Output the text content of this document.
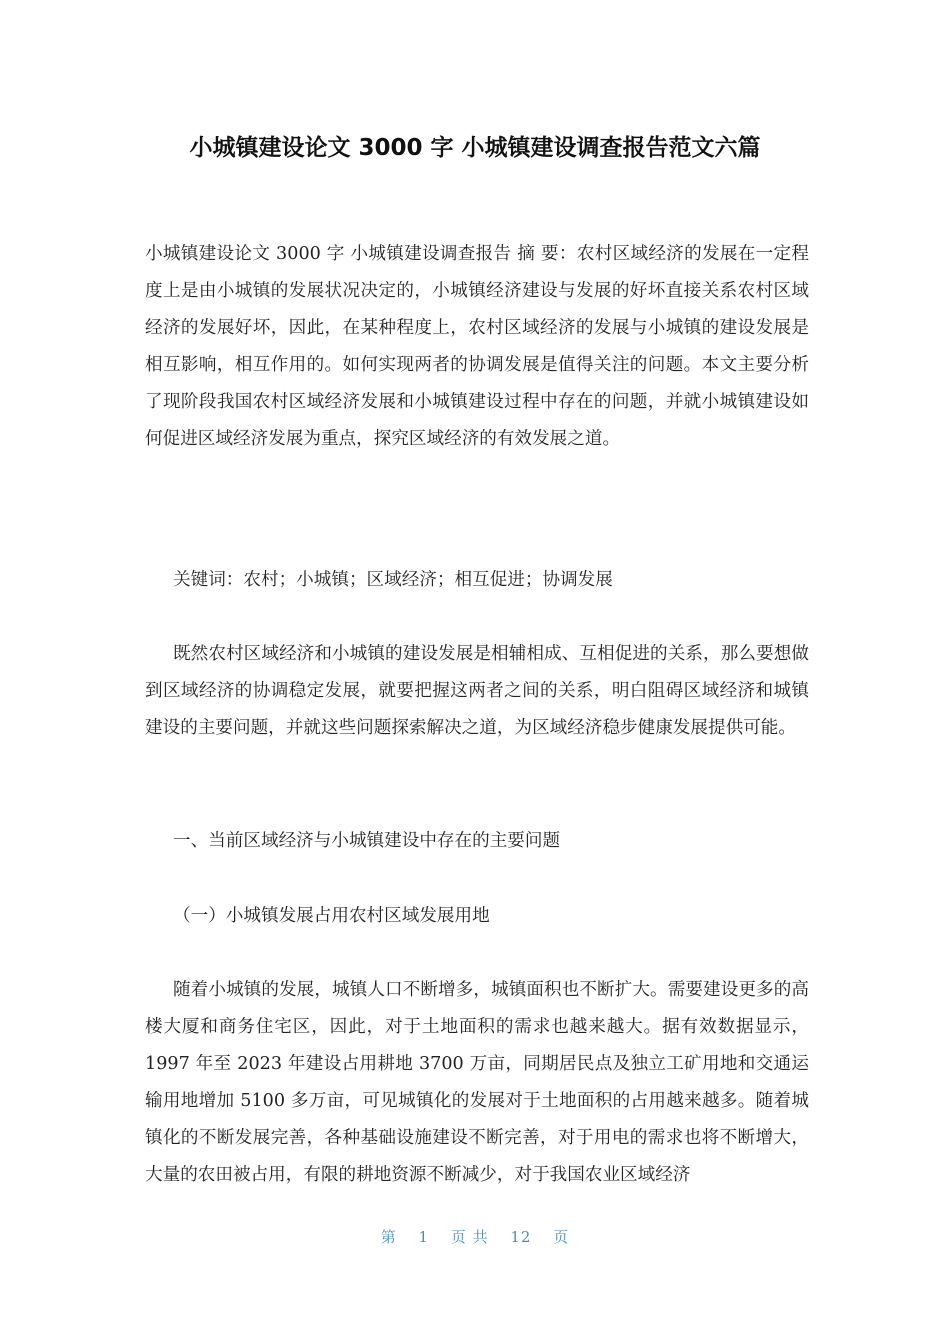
小城镇建设论文 3000 字 小城镇建设调查报告范文六篇

小城镇建设论文 3000 字 小城镇建设调查报告 摘 要：农村区域经济的发展在一定程度上是由小城镇的发展状况决定的，小城镇经济建设与发展的好坏直接关系农村区域经济的发展好坏，因此，在某种程度上，农村区域经济的发展与小城镇的建设发展是相互影响，相互作用的。如何实现两者的协调发展是值得关注的问题。本文主要分析了现阶段我国农村区域经济发展和小城镇建设过程中存在的问题，并就小城镇建设如何促进区域经济发展为重点，探究区域经济的有效发展之道。

关键词：农村；小城镇；区域经济；相互促进；协调发展

既然农村区域经济和小城镇的建设发展是相辅相成、互相促进的关系，那么要想做到区域经济的协调稳定发展，就要把握这两者之间的关系，明白阻碍区域经济和城镇建设的主要问题，并就这些问题探索解决之道，为区域经济稳步健康发展提供可能。

一、当前区域经济与小城镇建设中存在的主要问题

（一）小城镇发展占用农村区域发展用地

随着小城镇的发展，城镇人口不断增多，城镇面积也不断扩大。需要建设更多的高楼大厦和商务住宅区，因此，对于土地面积的需求也越来越大。据有效数据显示，1997 年至 2023 年建设占用耕地 3700 万亩，同期居民点及独立工矿用地和交通运输用地增加 5100 多万亩，可见城镇化的发展对于土地面积的占用越来越多。随着城镇化的不断发展完善，各种基础设施建设不断完善，对于用电的需求也将不断增大，大量的农田被占用，有限的耕地资源不断减少，对于我国农业区域经济

第 1 页 共 12 页
